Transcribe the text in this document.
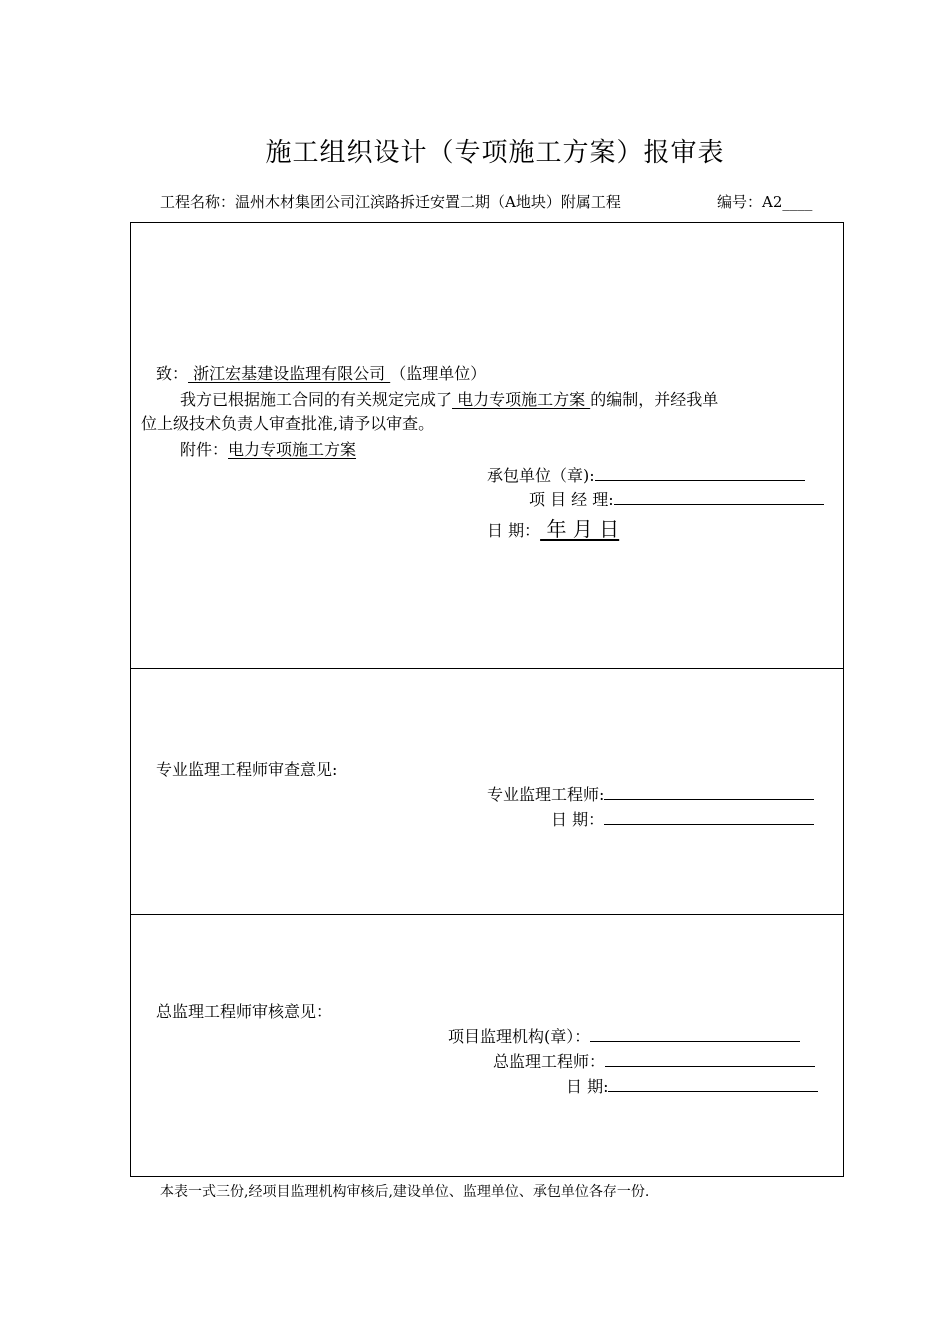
施工组织设计（专项施工方案）报审表
工程名称：温州木材集团公司江滨路拆迁安置二期（A地块）附属工程	编号：A2____
致： 浙江宏基建设监理有限公司 （监理单位）
我方已根据施工合同的有关规定完成了 电力专项施工方案 的编制，并经我单
位上级技术负责人审查批准,请予以审查。
附件：电力专项施工方案
承包单位（章):
项 目 经 理:
日 期： 年 月 日
专业监理工程师审查意见:
专业监理工程师:
日 期：
总监理工程师审核意见：
项目监理机构(章）：
总监理工程师：
日 期:
本表一式三份,经项目监理机构审核后,建设单位、监理单位、承包单位各存一份.
